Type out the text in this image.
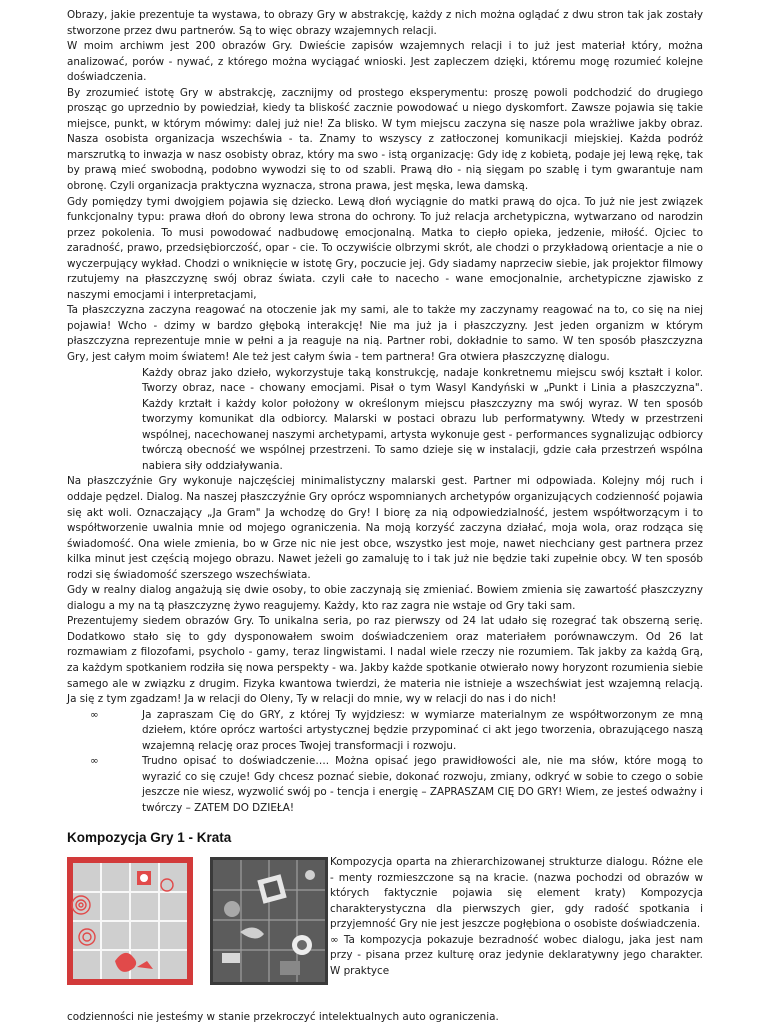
Obrazy, jakie prezentuje ta wystawa, to obrazy Gry w abstrakcję, każdy z nich można oglądać z dwu stron tak jak zostały stworzone przez dwu partnerów. Są to więc obrazy wzajemnych relacji.

W moim archiwm jest 200 obrazów Gry. Dwieście zapisów wzajemnych relacji i to już jest materiał który, można analizować, porów - nywać, z którego można wyciągać wnioski. Jest zapleczem dzięki, któremu mogę rozumieć kolejne doświadczenia.

By zrozumieć istotę Gry w abstrakcję, zacznijmy od prostego eksperymentu: proszę powoli podchodzić do drugiego prosząc go uprzednio by powiedział, kiedy ta bliskość zacznie powodować u niego dyskomfort. Zawsze pojawia się takie miejsce, punkt, w którym mówimy: dalej już nie! Za blisko. W tym miejscu zaczyna się nasze pola wrażliwe jakby obraz. Nasza osobista organizacja wszechświa - ta. Znamy to wszyscy z zatłoczonej komunikacji miejskiej. Każda podróż marszrutką to inwazja w nasz osobisty obraz, który ma swo - istą organizację: Gdy idę z kobietą, podaje jej lewą rękę, tak by prawą mieć swobodną, podobno wywodzi się to od szabli. Prawą dło - nią sięgam po szablę i tym gwarantuje nam obronę. Czyli organizacja praktyczna wyznacza, strona prawa, jest męska, lewa damską.

Gdy pomiędzy tymi dwojgiem pojawia się dziecko. Lewą dłoń wyciągnie do matki prawą do ojca. To już nie jest związek funkcjonalny typu: prawa dłoń do obrony lewa strona do ochrony. To już relacja archetypiczna, wytwarzano od narodzin przez pokolenia. To musi powodować nadbudowę emocjonalną. Matka to ciepło opieka, jedzenie, miłość. Ojciec to zaradność, prawo, przedsiębiorczość, opar - cie. To oczywiście olbrzymi skrót, ale chodzi o przykładową orientacje a nie o wyczerpujący wykład. Chodzi o wniknięcie w istotę Gry, poczucie jej. Gdy siadamy naprzeciw siebie, jak projektor filmowy rzutujemy na płaszczyznę swój obraz świata. czyli całe to nacecho - wane emocjonalnie, archetypiczne zjawisko z naszymi emocjami i interpretacjami,

Ta płaszczyzna zaczyna reagować na otoczenie jak my sami, ale to także my zaczynamy reagować na to, co się na niej pojawia! Wcho - dzimy w bardzo głęboką interakcję! Nie ma już ja i płaszczyzny. Jest jeden organizm w którym płaszczyzna reprezentuje mnie w pełni a ja reaguje na nią. Partner robi, dokładnie to samo. W ten sposób płaszczyzna Gry, jest całym moim światem! Ale też jest całym świa - tem partnera! Gra otwiera płaszczyznę dialogu.

Każdy obraz jako dzieło, wykorzystuje taką konstrukcję, nadaje konkretnemu miejscu swój kształt i kolor. Tworzy obraz, nace - chowany emocjami. Pisał o tym Wasyl Kandyński w „Punkt i Linia a płaszczyzna". Każdy krztałt i każdy kolor położony w określonym miejscu płaszczyzny ma swój wyraz. W ten sposób tworzymy komunikat dla odbiorcy. Malarski w postaci obrazu lub performatywny. Wtedy w przestrzeni wspólnej, nacechowanej naszymi archetypami, artysta wykonuje gest - performances sygnalizując odbiorcy twórczą obecność we wspólnej przestrzeni. To samo dzieje się w instalacji, gdzie cała przestrzeń wspólna nabiera siły oddziaływania.

Na płaszczyźnie Gry wykonuje najczęściej minimalistyczny malarski gest. Partner mi odpowiada. Kolejny mój ruch i oddaje pędzel. Dialog. Na naszej płaszczyźnie Gry oprócz wspomnianych archetypów organizujących codzienność pojawia się akt woli. Oznaczający „Ja Gram" Ja wchodzę do Gry! I biorę za nią odpowiedzialność, jestem współtworzącym i to współtworzenie uwalnia mnie od mojego ograniczenia. Na moją korzyść zaczyna działać, moja wola, oraz rodząca się świadomość. Ona wiele zmienia, bo w Grze nic nie jest obce, wszystko jest moje, nawet niechciany gest partnera przez kilka minut jest częścią mojego obrazu. Nawet jeżeli go zamaluję to i tak już nie będzie taki zupełnie obcy. W ten sposób rodzi się świadomość szerszego wszechświata.

Gdy w realny dialog angażują się dwie osoby, to obie zaczynają się zmieniać. Bowiem zmienia się zawartość płaszczyzny dialogu a my na tą płaszczyznę żywo reagujemy. Każdy, kto raz zagra nie wstaje od Gry taki sam.

Prezentujemy siedem obrazów Gry. To unikalna seria, po raz pierwszy od 24 lat udało się rozegrać tak obszerną serię. Dodatkowo stało się to gdy dysponowałem swoim doświadczeniem oraz materiałem porównawczym. Od 26 lat rozmawiam z filozofami, psycholo - gamy, teraz lingwistami. I nadal wiele rzeczy nie rozumiem. Tak jakby za każdą Grą, za każdym spotkaniem rodziła się nowa perspekty - wa. Jakby każde spotkanie otwierało nowy horyzont rozumienia siebie samego ale w związku z drugim. Fizyka kwantowa twierdzi, że materia nie istnieje a wszechświat jest wzajemną relacją. Ja się z tym zgadzam! Ja w relacji do Oleny, Ty w relacji do mnie, wy w relacji do nas i do nich!

∞	Ja zapraszam Cię do GRY, z której Ty wyjdziesz: w wymiarze materialnym ze współtworzonym ze mną dziełem, które oprócz wartości artystycznej będzie przypominać ci akt jego tworzenia, obrazującego naszą wzajemną relację oraz proces Twojej transformacji i rozwoju.
∞	Trudno opisać to doświadczenie…. Można opisać jego prawidłowości ale, nie ma słów, które mogą to wyrazić co się czuje! Gdy chcesz poznać siebie, dokonać rozwoju, zmiany, odkryć w sobie to czego o sobie jeszcze nie wiesz, wyzwolić swój po - tencja i energię – ZAPRASZAM CIĘ DO GRY! Wiem, ze jesteś odważny i twórczy – ZATEM DO DZIEŁA!
Kompozycja Gry 1 - Krata

Kompozycja oparta na zhierarchizowanej strukturze dialogu. Różne ele - menty rozmieszczone są na kracie. (nazwa pochodzi od obrazów w których faktycznie pojawia się element kraty) Kompozycja charakterystyczna dla pierwszych gier, gdy radość spotkania i przyjemność Gry nie jest jeszcze pogłębiona o osobiste doświadczenia.

∞ Ta kompozycja pokazuje bezradność wobec dialogu, jaka jest nam przy - pisana przez kulturę oraz jedynie deklaratywny jego charakter. W praktyce

codzienności nie jesteśmy w stanie przekroczyć intelektualnych auto ograniczenia.
